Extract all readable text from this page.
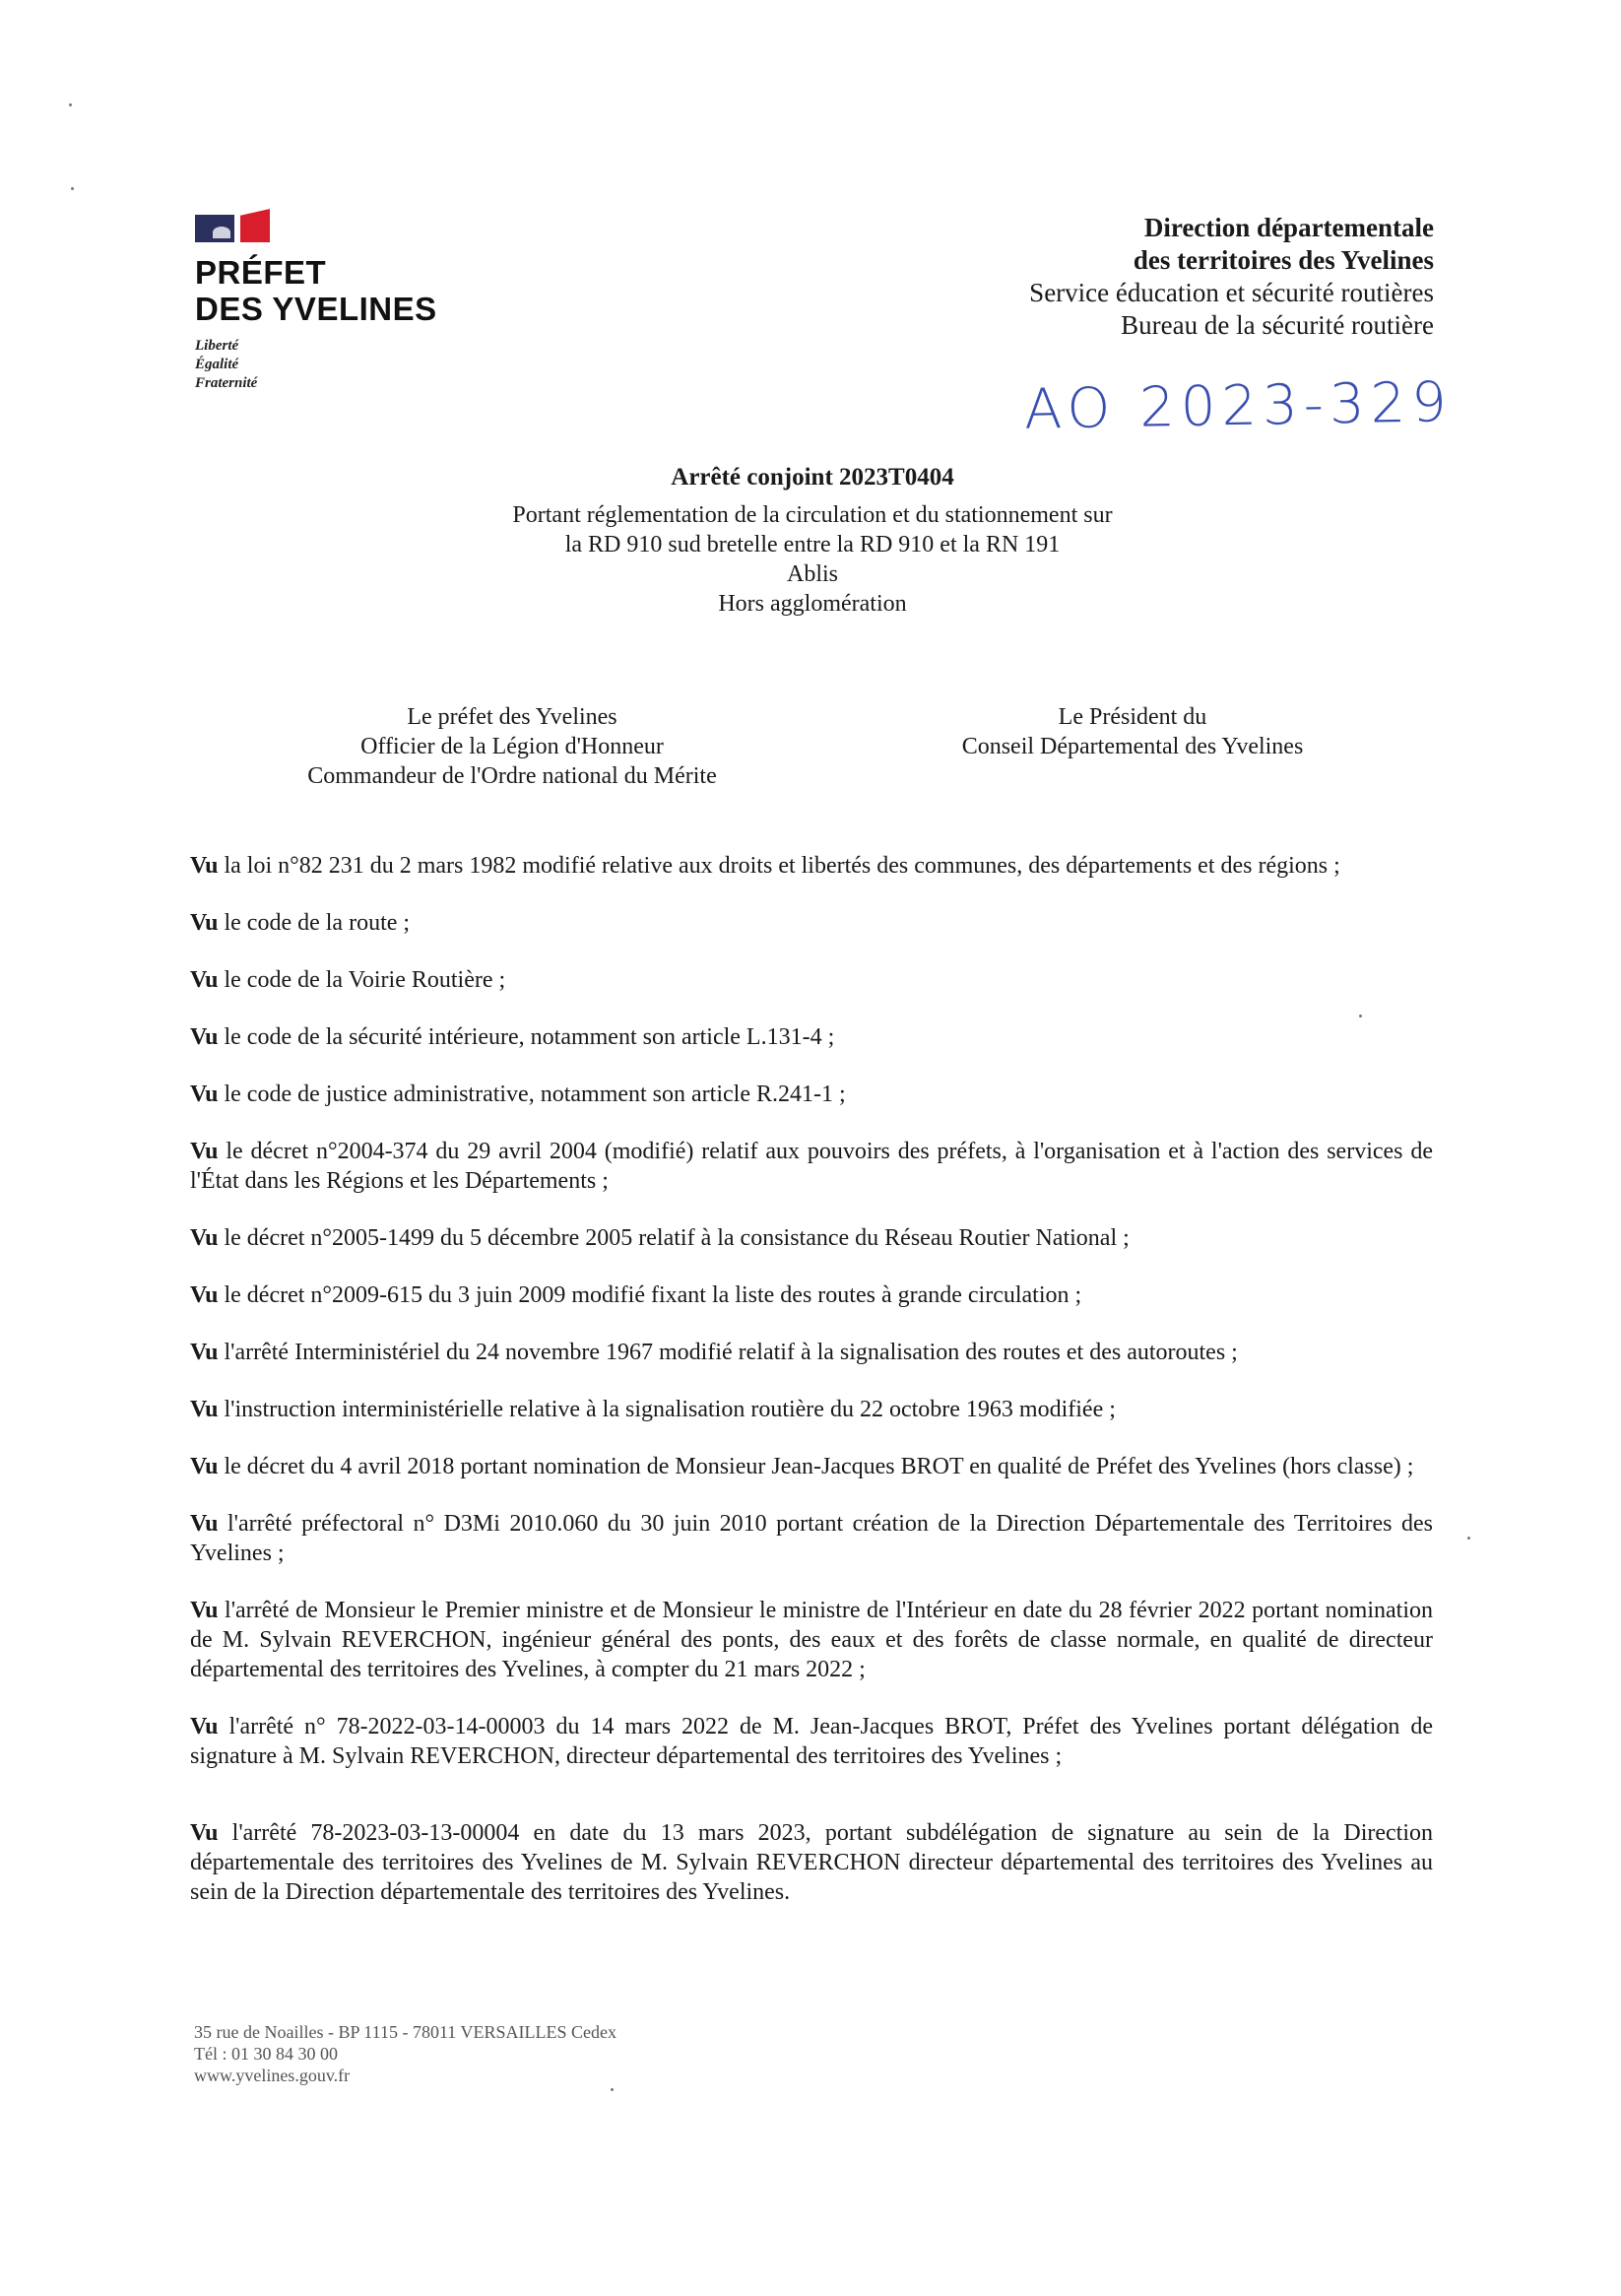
PRÉFET
DES YVELINES
Liberté
Égalité
Fraternité
Direction départementale
des territoires des Yvelines
Service éducation et sécurité routières
Bureau de la sécurité routière
AO 2023-329
Arrêté conjoint 2023T0404
Portant réglementation de la circulation et du stationnement sur
la RD 910 sud bretelle entre la RD 910 et la RN 191
Ablis
Hors agglomération
Le préfet des Yvelines
Officier de la Légion d'Honneur
Commandeur de l'Ordre national du Mérite
Le Président du
Conseil Départemental des Yvelines

Vu la loi n°82 231 du 2 mars 1982 modifié relative aux droits et libertés des communes, des départements et des régions ;

Vu le code de la route ;

Vu le code de la Voirie Routière ;

Vu le code de la sécurité intérieure, notamment son article L.131-4 ;

Vu le code de justice administrative, notamment son article R.241-1 ;

Vu le décret n°2004-374 du 29 avril 2004 (modifié) relatif aux pouvoirs des préfets, à l'organisation et à l'action des services de l'État dans les Régions et les Départements ;

Vu le décret n°2005-1499 du 5 décembre 2005 relatif à la consistance du Réseau Routier National ;

Vu le décret n°2009-615 du 3 juin 2009 modifié fixant la liste des routes à grande circulation ;

Vu l'arrêté Interministériel du 24 novembre 1967 modifié relatif à la signalisation des routes et des autoroutes ;

Vu l'instruction interministérielle relative à la signalisation routière du 22 octobre 1963 modifiée ;

Vu le décret du 4 avril 2018 portant nomination de Monsieur Jean-Jacques BROT en qualité de Préfet des Yvelines (hors classe) ;

Vu l'arrêté préfectoral n° D3Mi 2010.060 du 30 juin 2010 portant création de la Direction Départementale des Territoires des Yvelines ;

Vu l'arrêté de Monsieur le Premier ministre et de Monsieur le ministre de l'Intérieur en date du 28 février 2022 portant nomination de M. Sylvain REVERCHON, ingénieur général des ponts, des eaux et des forêts de classe normale, en qualité de directeur départemental des territoires des Yvelines, à compter du 21 mars 2022 ;

Vu l'arrêté n° 78-2022-03-14-00003 du 14 mars 2022 de M. Jean-Jacques BROT, Préfet des Yvelines portant délégation de signature à M. Sylvain REVERCHON, directeur départemental des territoires des Yvelines ;

Vu l'arrêté 78-2023-03-13-00004 en date du 13 mars 2023, portant subdélégation de signature au sein de la Direction départementale des territoires des Yvelines de M. Sylvain REVERCHON directeur départemental des territoires des Yvelines au sein de la Direction départementale des territoires des Yvelines.

35 rue de Noailles - BP 1115 - 78011 VERSAILLES Cedex
Tél : 01 30 84 30 00
www.yvelines.gouv.fr
